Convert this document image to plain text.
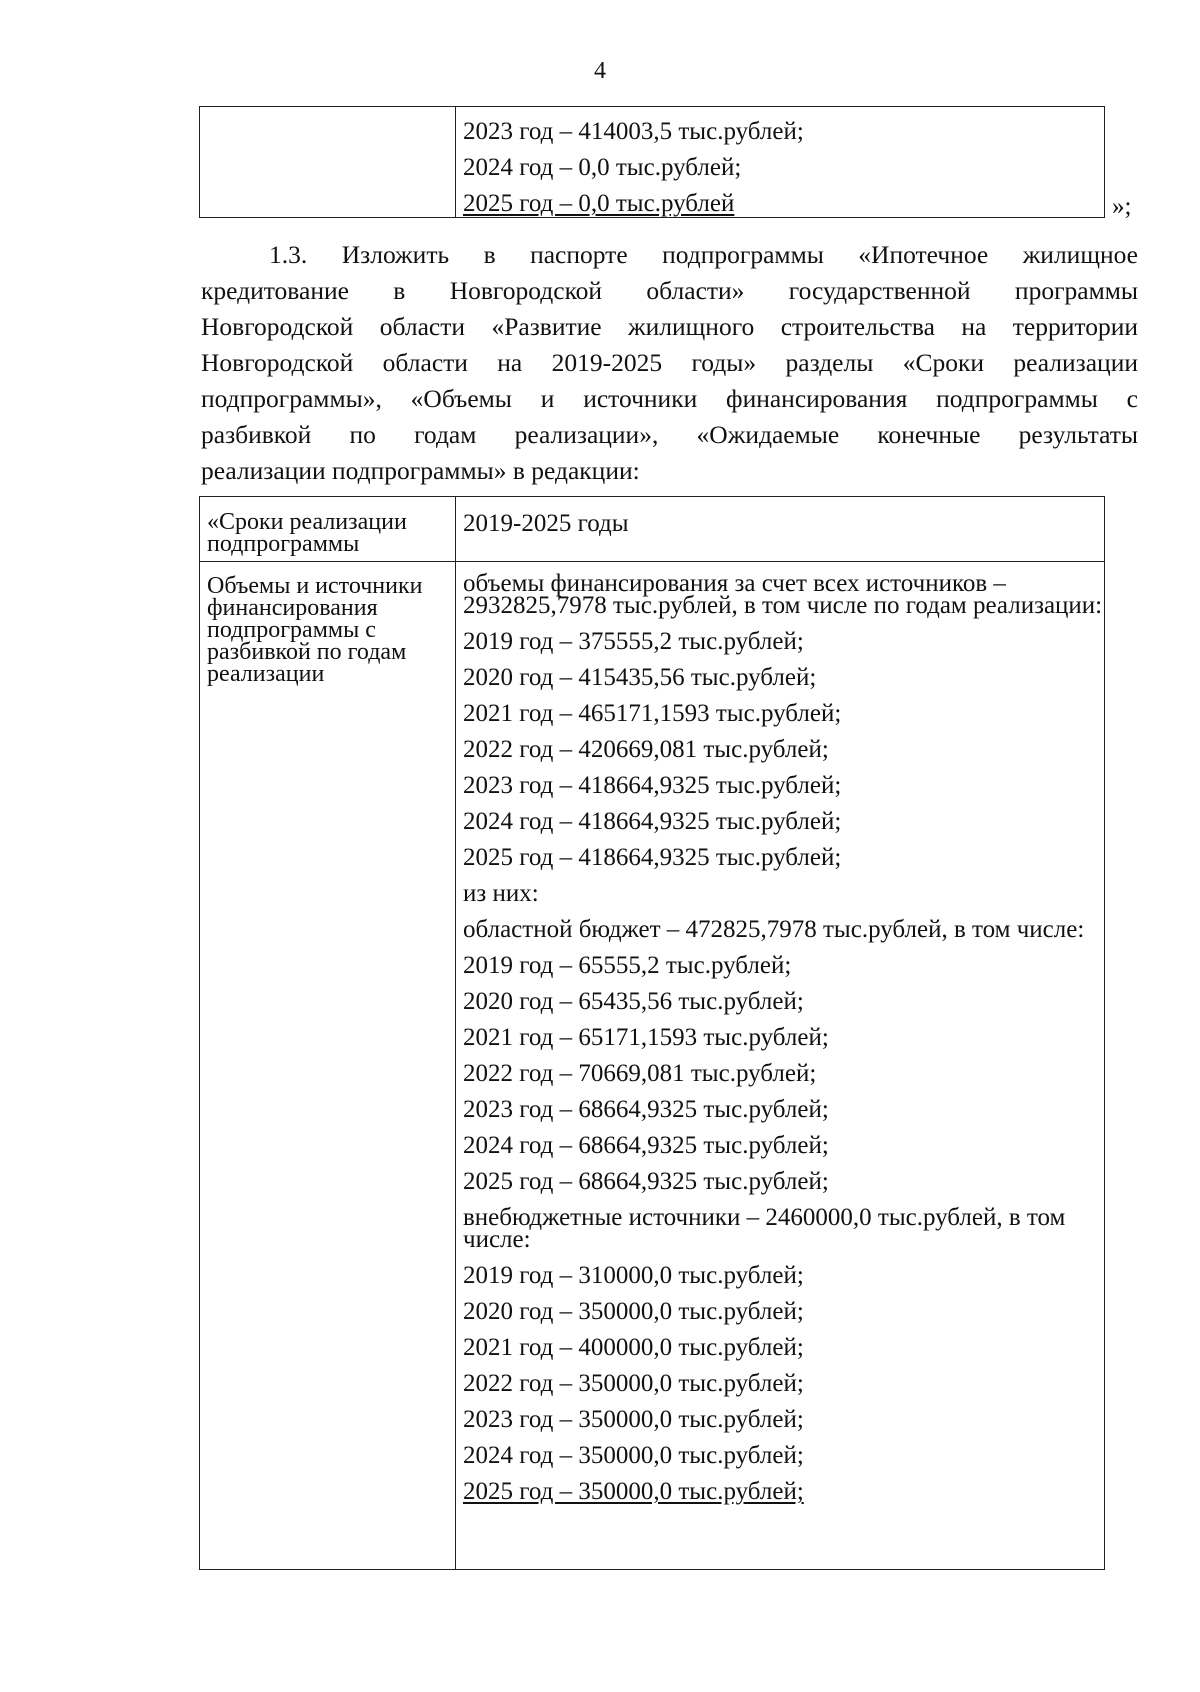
4
2023 год – 414003,5 тыс.рублей;
2024 год – 0,0 тыс.рублей;
2025 год – 0,0 тыс.рублей	»;
1.3. Изложить в паспорте подпрограммы «Ипотечное жилищное
кредитование в Новгородской области» государственной программы
Новгородской области «Развитие жилищного строительства на территории
Новгородской области на 2019-2025 годы» разделы «Сроки реализации
подпрограммы», «Объемы и источники финансирования подпрограммы с
разбивкой по годам реализации», «Ожидаемые конечные результаты
реализации подпрограммы» в редакции:
«Сроки реализации подпрограммы
2019-2025 годы
Объемы и источники финансирования подпрограммы с разбивкой по годам реализации
объемы финансирования за счет всех источников – 2932825,7978 тыс.рублей, в том числе по годам реализации:
2019 год – 375555,2 тыс.рублей;
2020 год – 415435,56 тыс.рублей;
2021 год – 465171,1593 тыс.рублей;
2022 год – 420669,081 тыс.рублей;
2023 год – 418664,9325 тыс.рублей;
2024 год – 418664,9325 тыс.рублей;
2025 год – 418664,9325 тыс.рублей;
из них:
областной бюджет – 472825,7978 тыс.рублей, в том числе:
2019 год – 65555,2 тыс.рублей;
2020 год – 65435,56 тыс.рублей;
2021 год – 65171,1593 тыс.рублей;
2022 год – 70669,081 тыс.рублей;
2023 год – 68664,9325 тыс.рублей;
2024 год – 68664,9325 тыс.рублей;
2025 год – 68664,9325 тыс.рублей;
внебюджетные источники – 2460000,0 тыс.рублей, в том числе:
2019 год – 310000,0 тыс.рублей;
2020 год – 350000,0 тыс.рублей;
2021 год – 400000,0 тыс.рублей;
2022 год – 350000,0 тыс.рублей;
2023 год – 350000,0 тыс.рублей;
2024 год – 350000,0 тыс.рублей;
2025 год – 350000,0 тыс.рублей;
